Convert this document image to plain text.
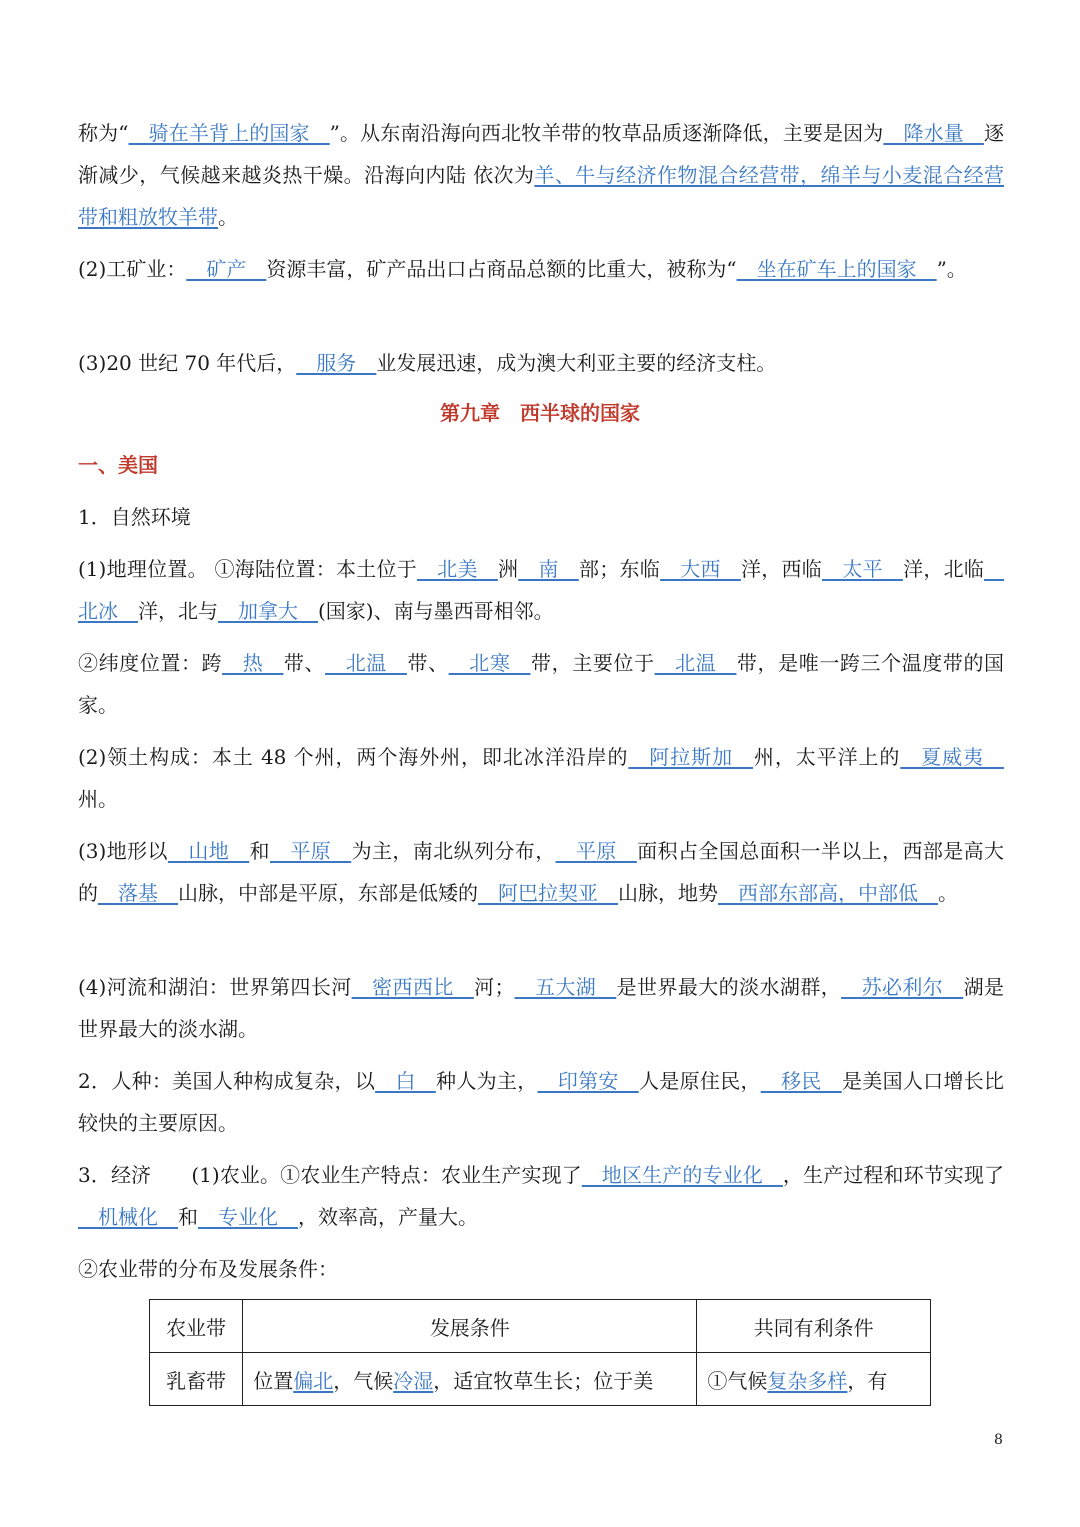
称为“__骑在羊背上的国家__”。从东南沿海向西北牧羊带的牧草品质逐渐降低，主要是因为__降水量__逐渐减少，气候越来越炎热干燥。沿海向内陆 依次为羊、牛与经济作物混合经营带，绵羊与小麦混合经营带和粗放牧羊带。

(2)工矿业：__矿产__资源丰富，矿产品出口占商品总额的比重大，被称为“__坐在矿车上的国家__”。

(3)20 世纪 70 年代后，__服务__业发展迅速，成为澳大利亚主要的经济支柱。

第九章　西半球的国家
一、美国

1．自然环境

(1)地理位置。 ①海陆位置：本土位于__北美__洲__南__部；东临__大西__洋，西临__太平__洋，北临__北冰__洋，北与__加拿大__(国家)、南与墨西哥相邻。

②纬度位置：跨__热__带、__北温__带、__北寒__带，主要位于__北温__带，是唯一跨三个温度带的国家。

(2)领土构成：本土 48 个州，两个海外州，即北冰洋沿岸的__阿拉斯加__州，太平洋上的__夏威夷__州。

(3)地形以__山地__和__平原__为主，南北纵列分布，__平原__面积占全国总面积一半以上，西部是高大的__落基__山脉，中部是平原，东部是低矮的__阿巴拉契亚__山脉，地势__西部东部高，中部低__。

(4)河流和湖泊：世界第四长河__密西西比__河；__五大湖__是世界最大的淡水湖群，__苏必利尔__湖是世界最大的淡水湖。

2．人种：美国人种构成复杂，以__白__种人为主，__印第安__人是原住民，__移民__是美国人口增长比较快的主要原因。

3．经济　　(1)农业。①农业生产特点：农业生产实现了__地区生产的专业化__，生产过程和环节实现了__机械化__和__专业化__，效率高，产量大。

②农业带的分布及发展条件：

农业带	发展条件	共同有利条件
乳畜带	位置偏北，气候冷湿，适宜牧草生长；位于美	①气候复杂多样，有
8
